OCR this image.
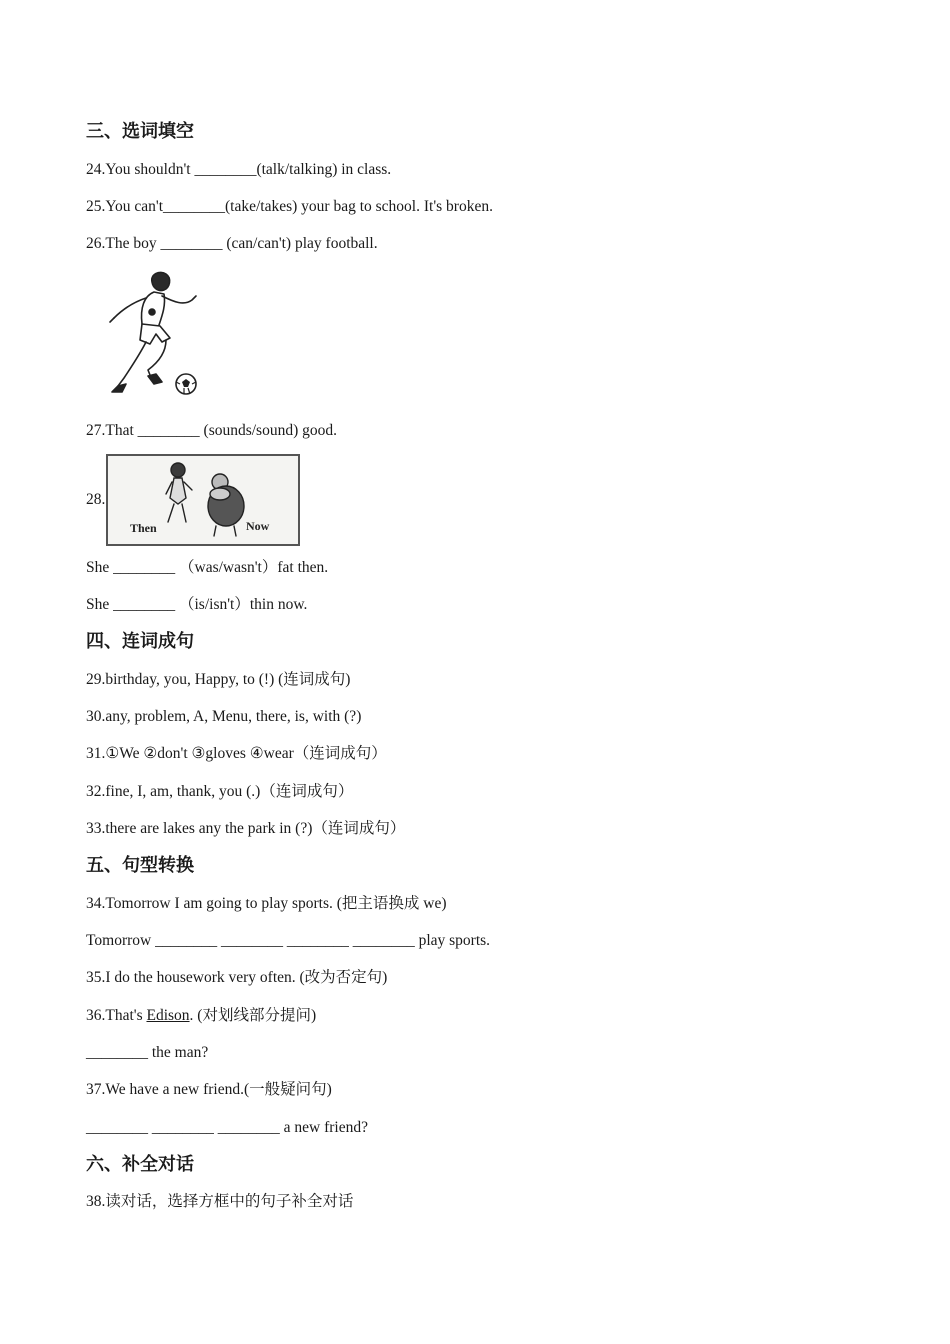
三、选词填空
24.You shouldn't ________(talk/talking) in class.
25.You can't________(take/takes) your bag to school. It's broken.
26.The boy ________ (can/can't) play football.
27.That ________ (sounds/sound) good.
28.
Then	Now
She ________ （was/wasn't）fat then.
She ________ （is/isn't）thin now.
四、连词成句
29.birthday, you, Happy, to (!) (连词成句)
30.any, problem, A, Menu, there, is, with (?)
31.①We ②don't ③gloves ④wear（连词成句）
32.fine, I, am, thank, you (.)（连词成句）
33.there are lakes any the park in (?)（连词成句）
五、句型转换
34.Tomorrow I am going to play sports. (把主语换成 we)
Tomorrow ________ ________ ________ ________ play sports.
35.I do the housework very often. (改为否定句)
36.That's Edison. (对划线部分提问)
________ the man?
37.We have a new friend.(一般疑问句)
________ ________ ________ a new friend?
六、补全对话
38.读对话，选择方框中的句子补全对话
